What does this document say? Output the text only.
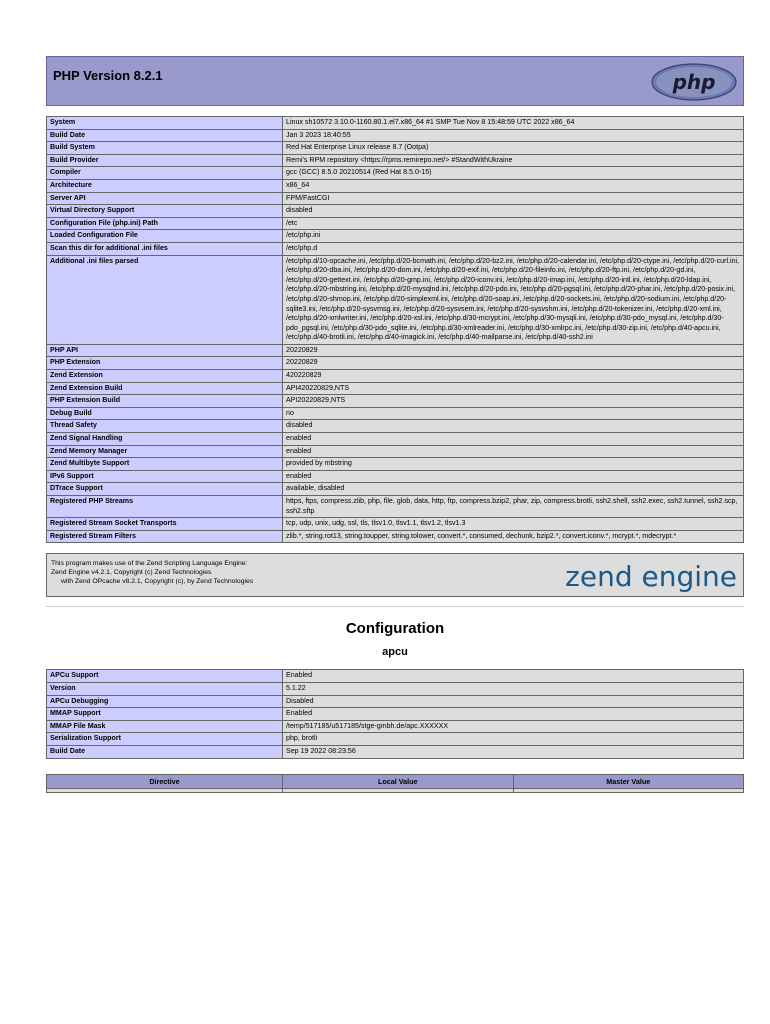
PHP Version 8.2.1	php
System	Linux sh10572 3.10.0-1160.80.1.el7.x86_64 #1 SMP Tue Nov 8 15:48:59 UTC 2022 x86_64
Build Date	Jan 3 2023 18:40:55
Build System	Red Hat Enterprise Linux release 8.7 (Ootpa)
Build Provider	Remi's RPM repository <https://rpms.remirepo.net/> #StandWithUkraine
Compiler	gcc (GCC) 8.5.0 20210514 (Red Hat 8.5.0-15)
Architecture	x86_64
Server API	FPM/FastCGI
Virtual Directory Support	disabled
Configuration File (php.ini) Path	/etc
Loaded Configuration File	/etc/php.ini
Scan this dir for additional .ini files	/etc/php.d
Additional .ini files parsed	/etc/php.d/10-opcache.ini, /etc/php.d/20-bcmath.ini, /etc/php.d/20-bz2.ini, /etc/php.d/20-calendar.ini, /etc/php.d/20-ctype.ini, /etc/php.d/20-curl.ini, /etc/php.d/20-dba.ini, /etc/php.d/20-dom.ini, /etc/php.d/20-exif.ini, /etc/php.d/20-fileinfo.ini, /etc/php.d/20-ftp.ini, /etc/php.d/20-gd.ini, /etc/php.d/20-gettext.ini, /etc/php.d/20-gmp.ini, /etc/php.d/20-iconv.ini, /etc/php.d/20-imap.ini, /etc/php.d/20-intl.ini, /etc/php.d/20-ldap.ini, /etc/php.d/20-mbstring.ini, /etc/php.d/20-mysqlnd.ini, /etc/php.d/20-pdo.ini, /etc/php.d/20-pgsql.ini, /etc/php.d/20-phar.ini, /etc/php.d/20-posix.ini, /etc/php.d/20-shmop.ini, /etc/php.d/20-simplexml.ini, /etc/php.d/20-soap.ini, /etc/php.d/20-sockets.ini, /etc/php.d/20-sodium.ini, /etc/php.d/20-sqlite3.ini, /etc/php.d/20-sysvmsg.ini, /etc/php.d/20-sysvsem.ini, /etc/php.d/20-sysvshm.ini, /etc/php.d/20-tokenizer.ini, /etc/php.d/20-xml.ini, /etc/php.d/20-xmlwriter.ini, /etc/php.d/20-xsl.ini, /etc/php.d/30-mcrypt.ini, /etc/php.d/30-mysqli.ini, /etc/php.d/30-pdo_mysql.ini, /etc/php.d/30-pdo_pgsql.ini, /etc/php.d/30-pdo_sqlite.ini, /etc/php.d/30-xmlreader.ini, /etc/php.d/30-xmlrpc.ini, /etc/php.d/30-zip.ini, /etc/php.d/40-apcu.ini, /etc/php.d/40-brotli.ini, /etc/php.d/40-imagick.ini, /etc/php.d/40-mailparse.ini, /etc/php.d/40-ssh2.ini
PHP API	20220829
PHP Extension	20220829
Zend Extension	420220829
Zend Extension Build	API420220829,NTS
PHP Extension Build	API20220829,NTS
Debug Build	no
Thread Safety	disabled
Zend Signal Handling	enabled
Zend Memory Manager	enabled
Zend Multibyte Support	provided by mbstring
IPv6 Support	enabled
DTrace Support	available, disabled
Registered PHP Streams	https, ftps, compress.zlib, php, file, glob, data, http, ftp, compress.bzip2, phar, zip, compress.brotli, ssh2.shell, ssh2.exec, ssh2.tunnel, ssh2.scp, ssh2.sftp
Registered Stream Socket Transports	tcp, udp, unix, udg, ssl, tls, tlsv1.0, tlsv1.1, tlsv1.2, tlsv1.3
Registered Stream Filters	zlib.*, string.rot13, string.toupper, string.tolower, convert.*, consumed, dechunk, bzip2.*, convert.iconv.*, mcrypt.*, mdecrypt.*
This program makes use of the Zend Scripting Language Engine:
Zend Engine v4.2.1, Copyright (c) Zend Technologies
with Zend OPcache v8.2.1, Copyright (c), by Zend Technologies	zend engine
Configuration
apcu
APCu Support	Enabled
Version	5.1.22
APCu Debugging	Disabled
MMAP Support	Enabled
MMAP File Mask	/temp/517185/u517185/stge-gmbh.de/apc.XXXXXX
Serialization Support	php, brotli
Build Date	Sep 19 2022 08:23:56
Directive	Local Value	Master Value
